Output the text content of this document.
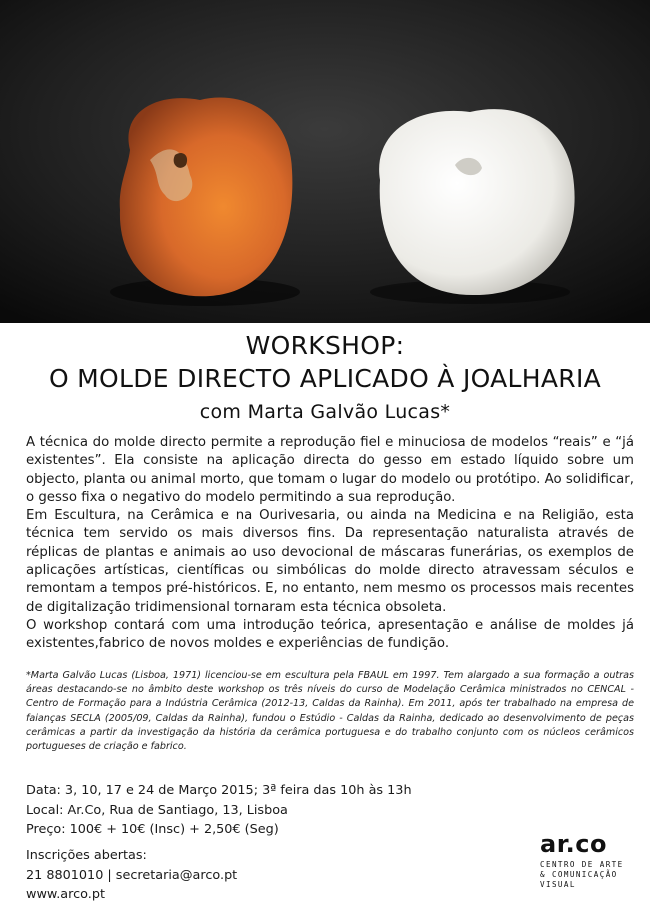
WORKSHOP:
O MOLDE DIRECTO APLICADO À JOALHARIA
com Marta Galvão Lucas*

A técnica do molde directo permite a reprodução fiel e minuciosa de modelos “reais” e “já existentes”. Ela consiste na aplicação directa do gesso em estado líquido sobre um objecto, planta ou animal morto, que tomam o lugar do modelo ou protótipo. Ao solidificar, o gesso fixa o negativo do modelo permitindo a sua reprodução.

Em Escultura, na Cerâmica e na Ourivesaria, ou ainda na Medicina e na Religião, esta técnica tem servido os mais diversos fins. Da representação naturalista através de réplicas de plantas e animais ao uso devocional de máscaras funerárias, os exemplos de aplicações artísticas, científicas ou simbólicas do molde directo atravessam séculos e remontam a tempos pré-históricos. E, no entanto, nem mesmo os processos mais recentes de digitalização tridimensional tornaram esta técnica obsoleta.

O workshop contará com uma introdução teórica, apresentação e análise de moldes já existentes,fabrico de novos moldes e experiências de fundição.

*Marta Galvão Lucas (Lisboa, 1971) licenciou-se em escultura pela FBAUL em 1997. Tem alargado a sua formação a outras áreas destacando-se no âmbito deste workshop os três níveis do curso de Modelação Cerâmica ministrados no CENCAL - Centro de Formação para a Indústria Cerâmica (2012-13, Caldas da Rainha). Em 2011, após ter trabalhado na empresa de faianças SECLA (2005/09, Caldas da Rainha), fundou o Estúdio - Caldas da Rainha, dedicado ao desenvolvimento de peças cerâmicas a partir da investigação da história da cerâmica portuguesa e do trabalho conjunto com os núcleos cerâmicos portugueses de criação e fabrico.
Data: 3, 10, 17 e 24 de Março 2015; 3ª feira das 10h às 13h
Local: Ar.Co, Rua de Santiago, 13, Lisboa
Preço: 100€ + 10€ (Insc) + 2,50€ (Seg)
Inscrições abertas:
21 8801010 | secretaria@arco.pt
www.arco.pt
ar.co
CENTRO DE ARTE
& COMUNICAÇÃO
VISUAL
